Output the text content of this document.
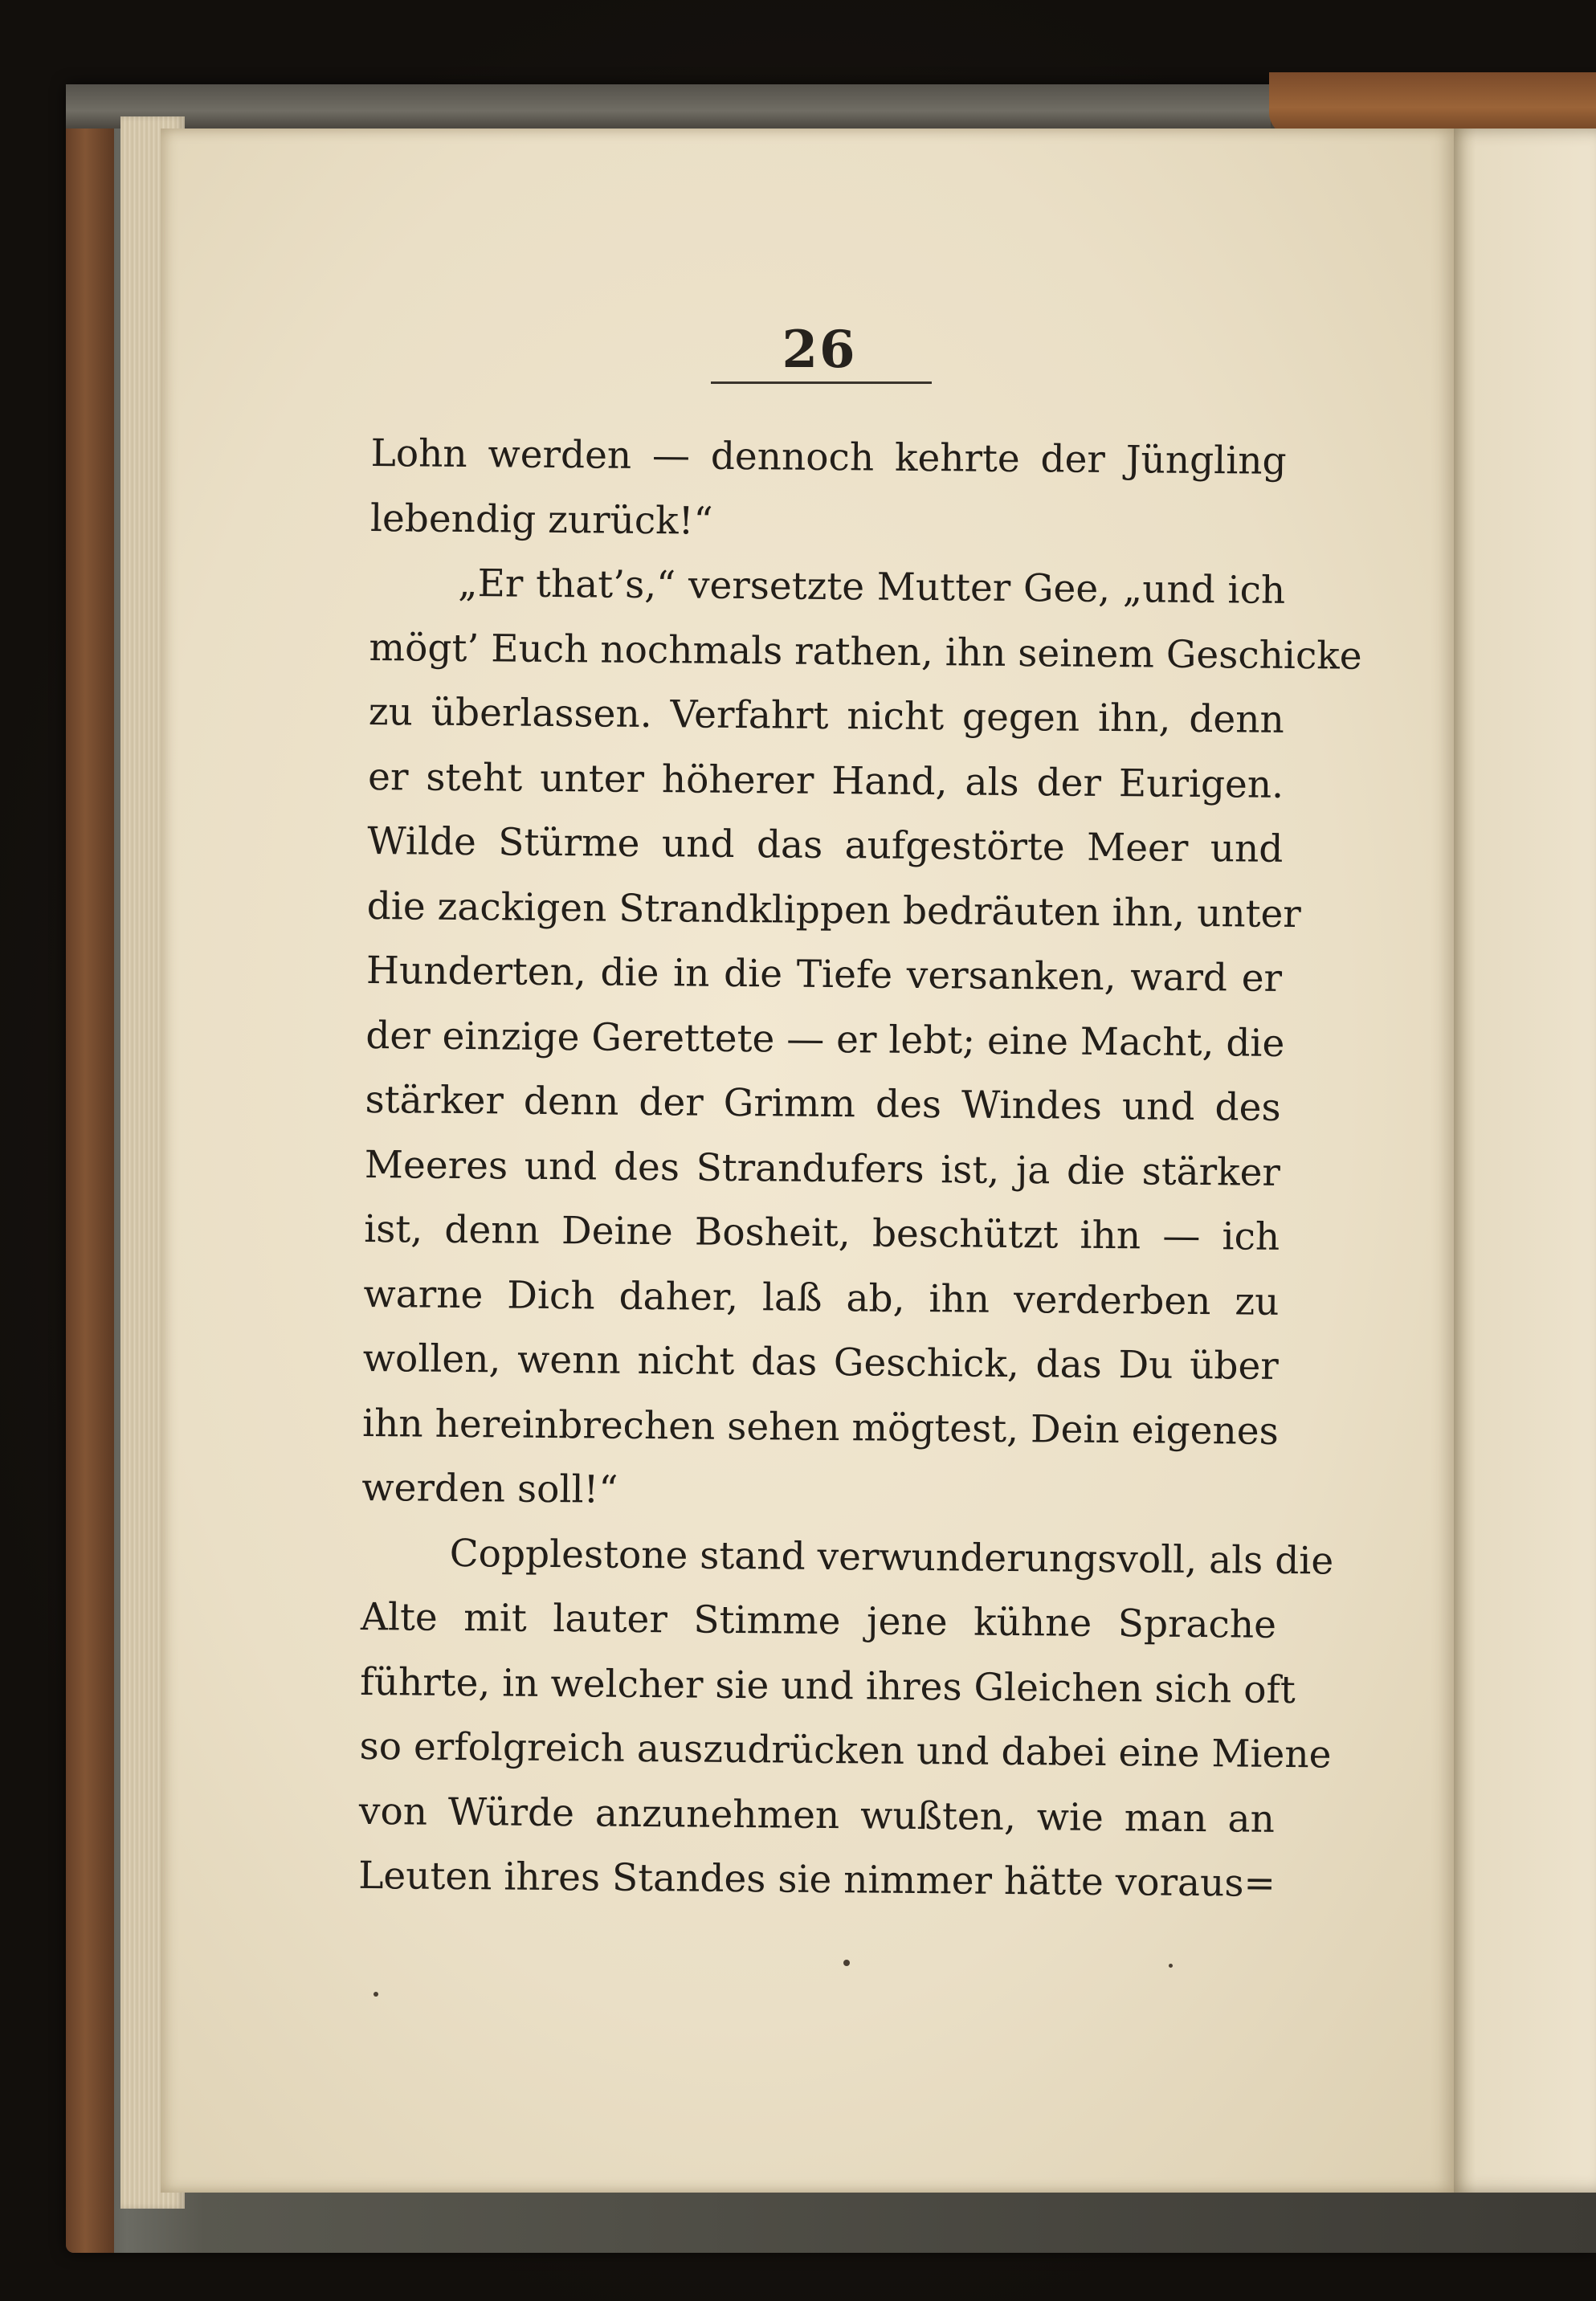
26
Lohn werden — dennoch kehrte der Jüngling
lebendig zurück!“
„Er that’s,“ versetzte Mutter Gee, „und ich
mögt’ Euch nochmals rathen, ihn seinem Geschicke
zu überlassen. Verfahrt nicht gegen ihn, denn
er steht unter höherer Hand, als der Eurigen.
Wilde Stürme und das aufgestörte Meer und
die zackigen Strandklippen bedräuten ihn, unter
Hunderten, die in die Tiefe versanken, ward er
der einzige Gerettete — er lebt; eine Macht, die
stärker denn der Grimm des Windes und des
Meeres und des Strandufers ist, ja die stärker
ist, denn Deine Bosheit, beschützt ihn — ich
warne Dich daher, laß ab, ihn verderben zu
wollen, wenn nicht das Geschick, das Du über
ihn hereinbrechen sehen mögtest, Dein eigenes
werden soll!“
Copplestone stand verwunderungsvoll, als die
Alte mit lauter Stimme jene kühne Sprache
führte, in welcher sie und ihres Gleichen sich oft
so erfolgreich auszudrücken und dabei eine Miene
von Würde anzunehmen wußten, wie man an
Leuten ihres Standes sie nimmer hätte voraus=
